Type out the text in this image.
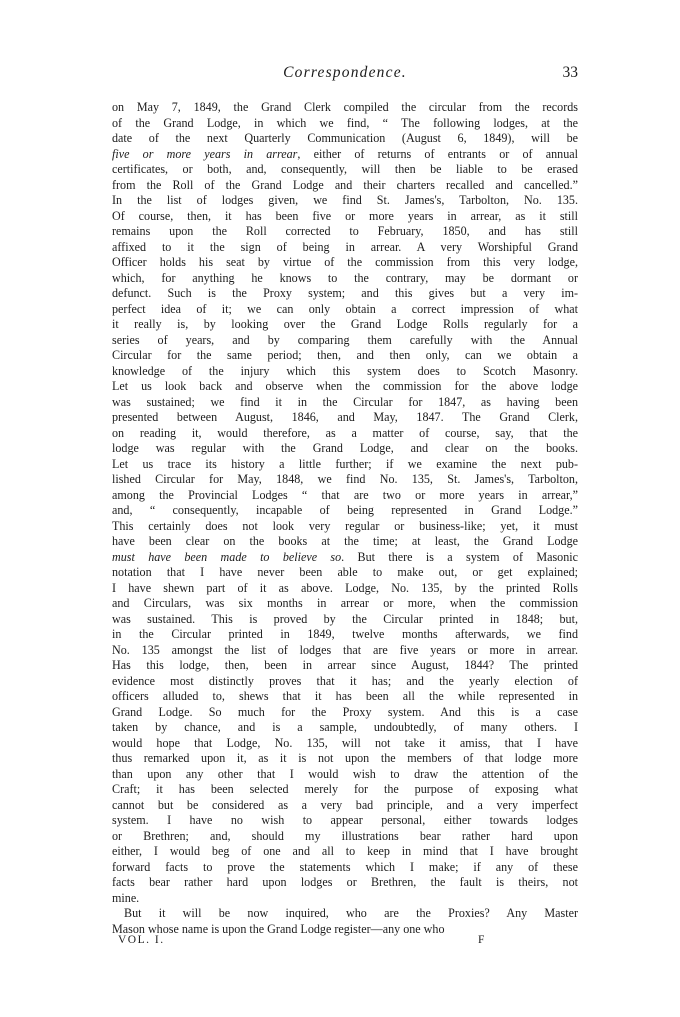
Correspondence.	33
on May 7, 1849, the Grand Clerk compiled the circular from the records
of the Grand Lodge, in which we find, “ The following lodges, at the
date of the next Quarterly Communication (August 6, 1849), will be
five or more years in arrear, either of returns of entrants or of annual
certificates, or both, and, consequently, will then be liable to be erased
from the Roll of the Grand Lodge and their charters recalled and cancelled.”
In the list of lodges given, we find St. James's, Tarbolton, No. 135.
Of course, then, it has been five or more years in arrear, as it still
remains upon the Roll corrected to February, 1850, and has still
affixed to it the sign of being in arrear. A very Worshipful Grand
Officer holds his seat by virtue of the commission from this very lodge,
which, for anything he knows to the contrary, may be dormant or
defunct. Such is the Proxy system; and this gives but a very im-
perfect idea of it; we can only obtain a correct impression of what
it really is, by looking over the Grand Lodge Rolls regularly for a
series of years, and by comparing them carefully with the Annual
Circular for the same period; then, and then only, can we obtain a
knowledge of the injury which this system does to Scotch Masonry.
Let us look back and observe when the commission for the above lodge
was sustained; we find it in the Circular for 1847, as having been
presented between August, 1846, and May, 1847. The Grand Clerk,
on reading it, would therefore, as a matter of course, say, that the
lodge was regular with the Grand Lodge, and clear on the books.
Let us trace its history a little further; if we examine the next pub-
lished Circular for May, 1848, we find No. 135, St. James's, Tarbolton,
among the Provincial Lodges “ that are two or more years in arrear,”
and, “ consequently, incapable of being represented in Grand Lodge.”
This certainly does not look very regular or business-like; yet, it must
have been clear on the books at the time; at least, the Grand Lodge
must have been made to believe so. But there is a system of Masonic
notation that I have never been able to make out, or get explained;
I have shewn part of it as above. Lodge, No. 135, by the printed Rolls
and Circulars, was six months in arrear or more, when the commission
was sustained. This is proved by the Circular printed in 1848; but,
in the Circular printed in 1849, twelve months afterwards, we find
No. 135 amongst the list of lodges that are five years or more in arrear.
Has this lodge, then, been in arrear since August, 1844? The printed
evidence most distinctly proves that it has; and the yearly election of
officers alluded to, shews that it has been all the while represented in
Grand Lodge. So much for the Proxy system. And this is a case
taken by chance, and is a sample, undoubtedly, of many others. I
would hope that Lodge, No. 135, will not take it amiss, that I have
thus remarked upon it, as it is not upon the members of that lodge more
than upon any other that I would wish to draw the attention of the
Craft; it has been selected merely for the purpose of exposing what
cannot but be considered as a very bad principle, and a very imperfect
system. I have no wish to appear personal, either towards lodges
or Brethren; and, should my illustrations bear rather hard upon
either, I would beg of one and all to keep in mind that I have brought
forward facts to prove the statements which I make; if any of these
facts bear rather hard upon lodges or Brethren, the fault is theirs, not
mine.
But it will be now inquired, who are the Proxies? Any Master
Mason whose name is upon the Grand Lodge register—any one who
VOL. I.	F
